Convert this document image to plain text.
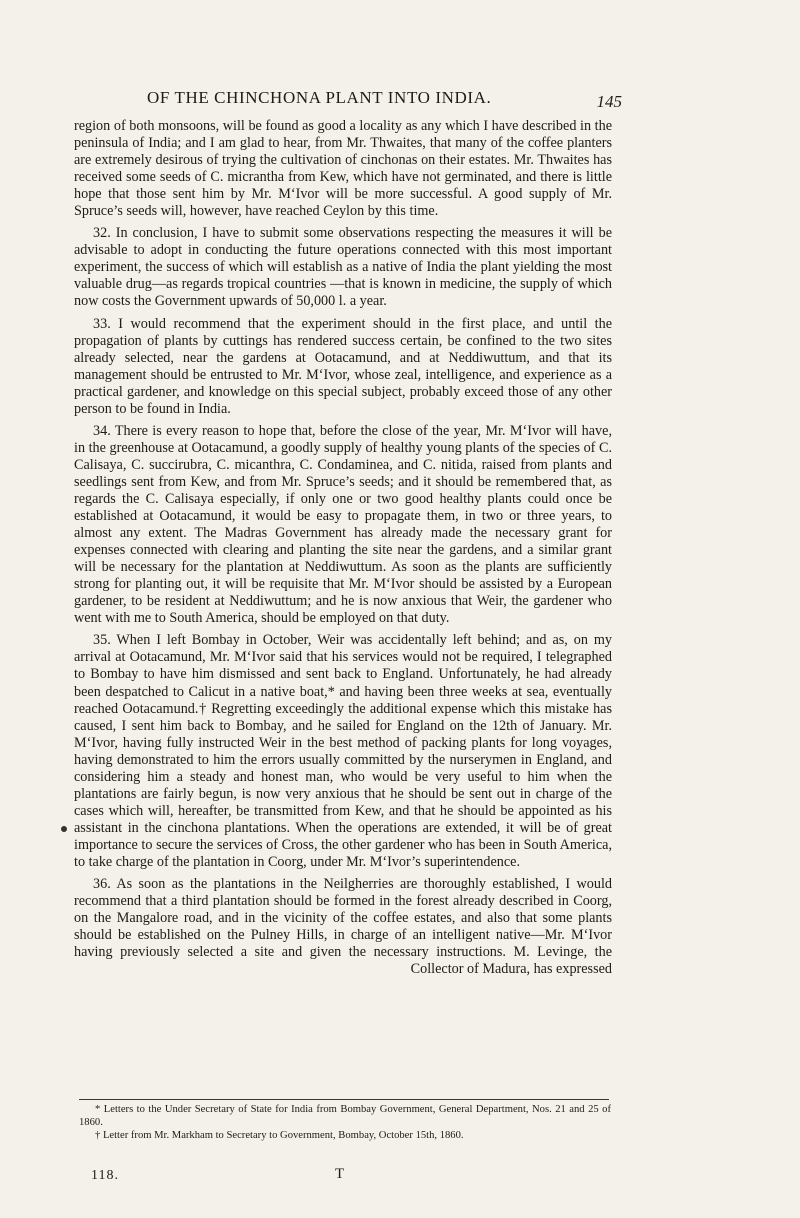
OF THE CHINCHONA PLANT INTO INDIA.	145

region of both monsoons, will be found as good a locality as any which I have described in the peninsula of India; and I am glad to hear, from Mr. Thwaites, that many of the coffee planters are extremely desirous of trying the cultivation of cinchonas on their estates. Mr. Thwaites has received some seeds of C. micrantha from Kew, which have not germinated, and there is little hope that those sent him by Mr. M‘Ivor will be more successful. A good supply of Mr. Spruce’s seeds will, however, have reached Ceylon by this time.

32. In conclusion, I have to submit some observations respecting the measures it will be advisable to adopt in conducting the future operations connected with this most important experiment, the success of which will establish as a native of India the plant yielding the most valuable drug—as regards tropical countries —that is known in medicine, the supply of which now costs the Government upwards of 50,000 l. a year.

33. I would recommend that the experiment should in the first place, and until the propagation of plants by cuttings has rendered success certain, be confined to the two sites already selected, near the gardens at Ootacamund, and at Neddiwuttum, and that its management should be entrusted to Mr. M‘Ivor, whose zeal, intelligence, and experience as a practical gardener, and knowledge on this special subject, probably exceed those of any other person to be found in India.

34. There is every reason to hope that, before the close of the year, Mr. M‘Ivor will have, in the greenhouse at Ootacamund, a goodly supply of healthy young plants of the species of C. Calisaya, C. succirubra, C. micanthra, C. Condaminea, and C. nitida, raised from plants and seedlings sent from Kew, and from Mr. Spruce’s seeds; and it should be remembered that, as regards the C. Calisaya especially, if only one or two good healthy plants could once be established at Ootacamund, it would be easy to propagate them, in two or three years, to almost any extent. The Madras Government has already made the necessary grant for expenses connected with clearing and planting the site near the gardens, and a similar grant will be necessary for the plantation at Neddiwuttum. As soon as the plants are sufficiently strong for planting out, it will be requisite that Mr. M‘Ivor should be assisted by a European gardener, to be resident at Neddiwuttum; and he is now anxious that Weir, the gardener who went with me to South America, should be employed on that duty.

35. When I left Bombay in October, Weir was accidentally left behind; and as, on my arrival at Ootacamund, Mr. M‘Ivor said that his services would not be required, I telegraphed to Bombay to have him dismissed and sent back to England. Unfortunately, he had already been despatched to Calicut in a native boat,* and having been three weeks at sea, eventually reached Ootacamund.† Regretting exceedingly the additional expense which this mistake has caused, I sent him back to Bombay, and he sailed for England on the 12th of January. Mr. M‘Ivor, having fully instructed Weir in the best method of packing plants for long voyages, having demonstrated to him the errors usually committed by the nurserymen in England, and considering him a steady and honest man, who would be very useful to him when the plantations are fairly begun, is now very anxious that he should be sent out in charge of the cases which will, hereafter, be transmitted from Kew, and that he should be appointed as his assistant in the cinchona plantations. When the operations are extended, it will be of great importance to secure the services of Cross, the other gardener who has been in South America, to take charge of the plantation in Coorg, under Mr. M‘Ivor’s superintendence.

36. As soon as the plantations in the Neilgherries are thoroughly established, I would recommend that a third plantation should be formed in the forest already described in Coorg, on the Mangalore road, and in the vicinity of the coffee estates, and also that some plants should be established on the Pulney Hills, in charge of an intelligent native—Mr. M‘Ivor having previously selected a site and given the necessary instructions. M. Levinge, the Collector of Madura, has expressed

* Letters to the Under Secretary of State for India from Bombay Government, General Department, Nos. 21 and 25 of 1860.

† Letter from Mr. Markham to Secretary to Government, Bombay, October 15th, 1860.

118.	T
